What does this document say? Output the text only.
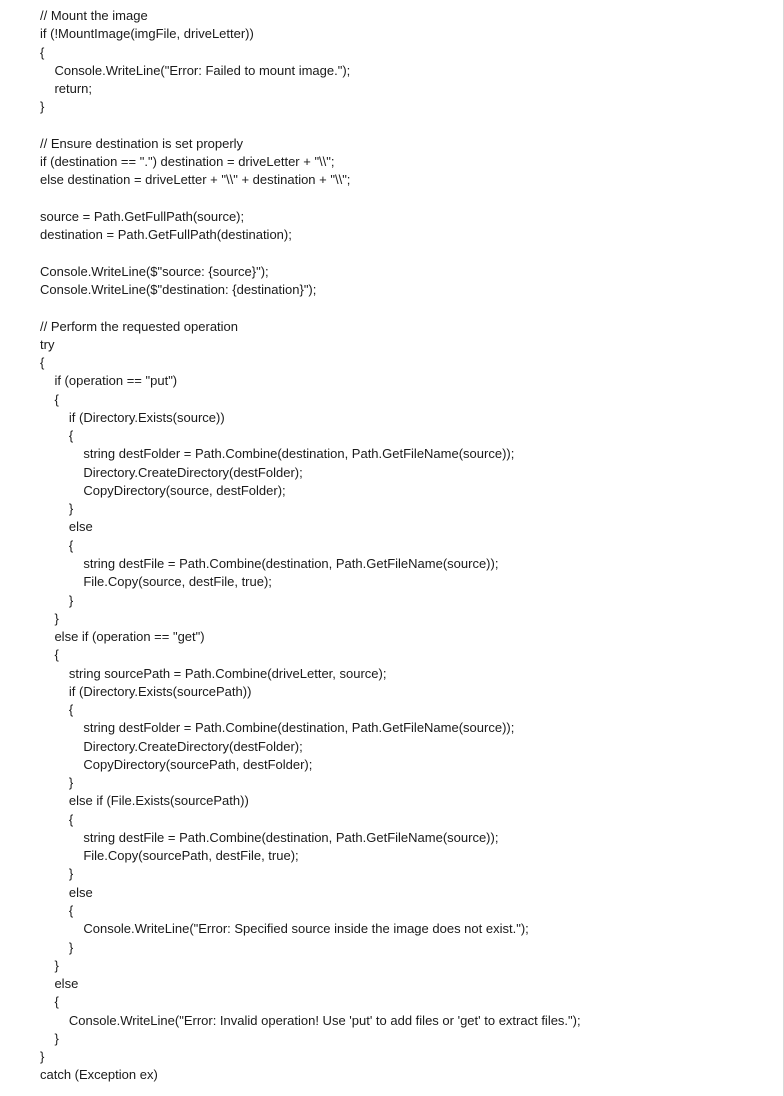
// Mount the image
if (!MountImage(imgFile, driveLetter))
{
Console.WriteLine("Error: Failed to mount image.");
return;
}
// Ensure destination is set properly
if (destination == ".") destination = driveLetter + "\\";
else destination = driveLetter + "\\" + destination + "\\";
source = Path.GetFullPath(source);
destination = Path.GetFullPath(destination);
Console.WriteLine($"source: {source}");
Console.WriteLine($"destination: {destination}");
// Perform the requested operation
try
{
if (operation == "put")
{
if (Directory.Exists(source))
{
string destFolder = Path.Combine(destination, Path.GetFileName(source));
Directory.CreateDirectory(destFolder);
CopyDirectory(source, destFolder);
}
else
{
string destFile = Path.Combine(destination, Path.GetFileName(source));
File.Copy(source, destFile, true);
}
}
else if (operation == "get")
{
string sourcePath = Path.Combine(driveLetter, source);
if (Directory.Exists(sourcePath))
{
string destFolder = Path.Combine(destination, Path.GetFileName(source));
Directory.CreateDirectory(destFolder);
CopyDirectory(sourcePath, destFolder);
}
else if (File.Exists(sourcePath))
{
string destFile = Path.Combine(destination, Path.GetFileName(source));
File.Copy(sourcePath, destFile, true);
}
else
{
Console.WriteLine("Error: Specified source inside the image does not exist.");
}
}
else
{
Console.WriteLine("Error: Invalid operation! Use 'put' to add files or 'get' to extract files.");
}
}
catch (Exception ex)
